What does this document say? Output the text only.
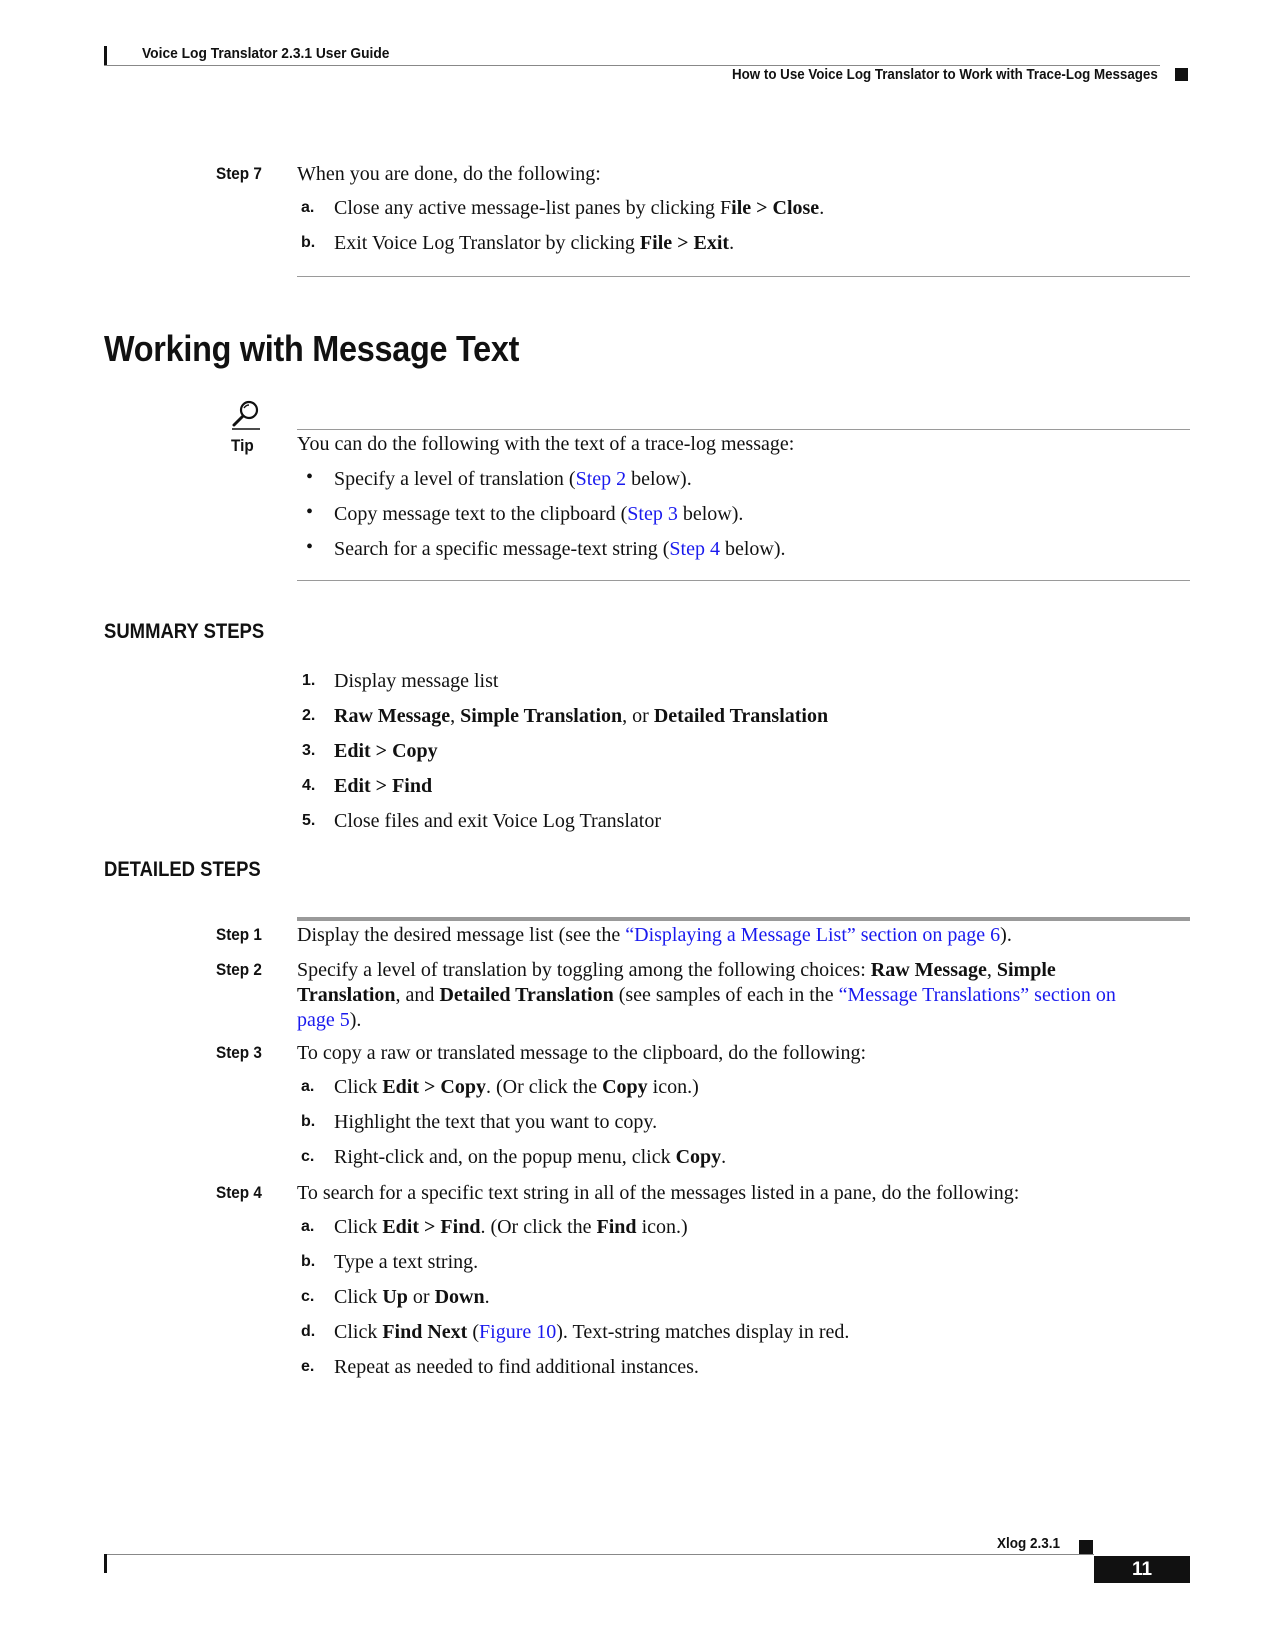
Voice Log Translator 2.3.1 User Guide
How to Use Voice Log Translator to Work with Trace-Log Messages
Step 7 When you are done, do the following:
a. Close any active message-list panes by clicking File > Close.
b. Exit Voice Log Translator by clicking File > Exit.
Working with Message Text
Tip You can do the following with the text of a trace-log message:
• Specify a level of translation (Step 2 below).
• Copy message text to the clipboard (Step 3 below).
• Search for a specific message-text string (Step 4 below).
SUMMARY STEPS
1. Display message list
2. Raw Message, Simple Translation, or Detailed Translation
3. Edit > Copy
4. Edit > Find
5. Close files and exit Voice Log Translator
DETAILED STEPS
Step 1 Display the desired message list (see the “Displaying a Message List” section on page 6).
Step 2 Specify a level of translation by toggling among the following choices: Raw Message, Simple
Translation, and Detailed Translation (see samples of each in the “Message Translations” section on
page 5).
Step 3 To copy a raw or translated message to the clipboard, do the following:
a. Click Edit > Copy. (Or click the Copy icon.)
b. Highlight the text that you want to copy.
c. Right-click and, on the popup menu, click Copy.
Step 4 To search for a specific text string in all of the messages listed in a pane, do the following:
a. Click Edit > Find. (Or click the Find icon.)
b. Type a text string.
c. Click Up or Down.
d. Click Find Next (Figure 10). Text-string matches display in red.
e. Repeat as needed to find additional instances.
Xlog 2.3.1
11
